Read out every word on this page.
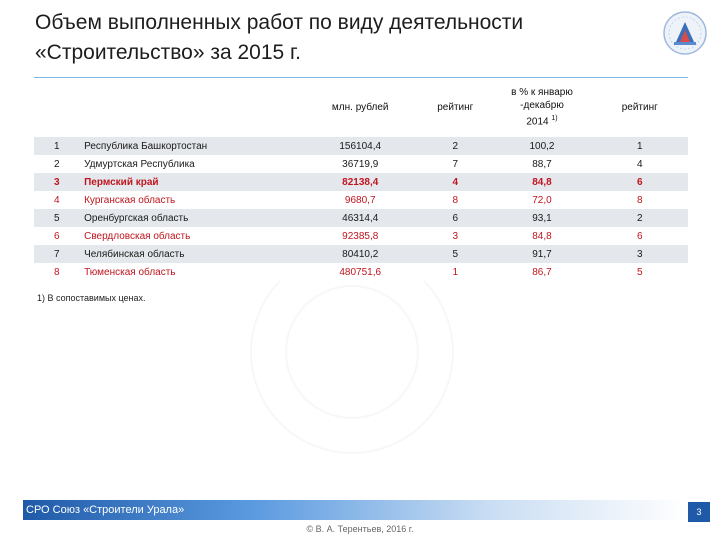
Объем выполненных работ по виду деятельности
«Строительство» за 2015 г.
		млн. рублей	рейтинг	в % к январю
-декабрю
2014 $^{1)}$	рейтинг
1	Республика Башкортостан	156104,4	2	100,2	1
2	Удмуртская Республика	36719,9	7	88,7	4
3	Пермский край	82138,4	4	84,8	6
4	Курганская область	9680,7	8	72,0	8
5	Оренбургская область	46314,4	6	93,1	2
6	Свердловская область	92385,8	3	84,8	6
7	Челябинская область	80410,2	5	91,7	3
8	Тюменская область	480751,6	1	86,7	5
1) В сопоставимых ценах.
СРО Союз «Строители Урала»	3
© В. А. Терентьев, 2016 г.
